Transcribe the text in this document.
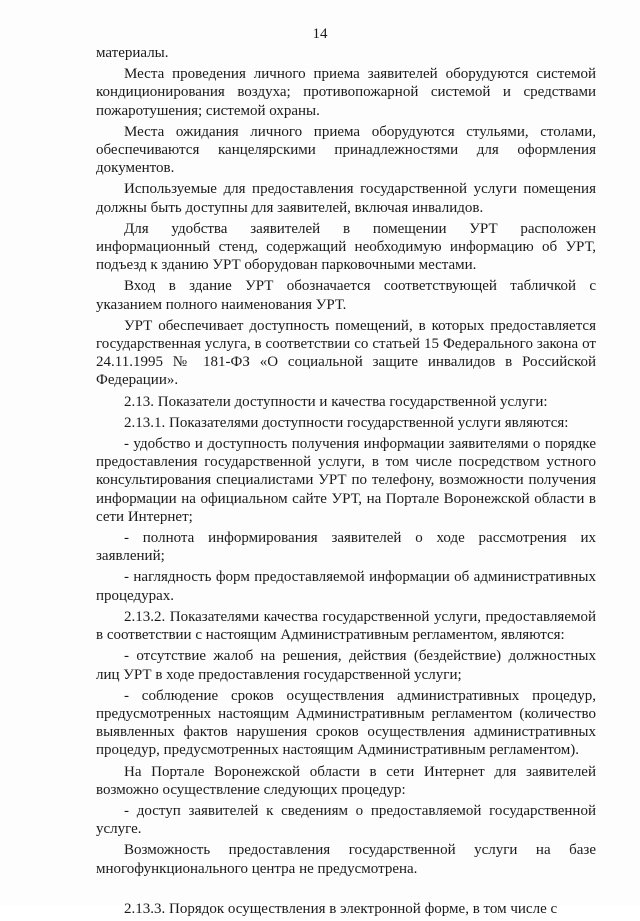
14

материалы.

Места проведения личного приема заявителей оборудуются системой кондиционирования воздуха; противопожарной системой и средствами пожаротушения; системой охраны.

Места ожидания личного приема оборудуются стульями, столами, обеспечиваются канцелярскими принадлежностями для оформления документов.

Используемые для предоставления государственной услуги помещения должны быть доступны для заявителей, включая инвалидов.

Для удобства заявителей в помещении УРТ расположен информационный стенд, содержащий необходимую информацию об УРТ, подъезд к зданию УРТ оборудован парковочными местами.

Вход в здание УРТ обозначается соответствующей табличкой с указанием полного наименования УРТ.

УРТ обеспечивает доступность помещений, в которых предоставляется государственная услуга, в соответствии со статьей 15 Федерального закона от 24.11.1995 № 181-ФЗ «О социальной защите инвалидов в Российской Федерации».

2.13. Показатели доступности и качества государственной услуги:

2.13.1. Показателями доступности государственной услуги являются:

- удобство и доступность получения информации заявителями о порядке предоставления государственной услуги, в том числе посредством устного консультирования специалистами УРТ по телефону, возможности получения информации на официальном сайте УРТ, на Портале Воронежской области в сети Интернет;

- полнота информирования заявителей о ходе рассмотрения их заявлений;

- наглядность форм предоставляемой информации об административных процедурах.

2.13.2. Показателями качества государственной услуги, предоставляемой в соответствии с настоящим Административным регламентом, являются:

- отсутствие жалоб на решения, действия (бездействие) должностных лиц УРТ в ходе предоставления государственной услуги;

- соблюдение сроков осуществления административных процедур, предусмотренных настоящим Административным регламентом (количество выявленных фактов нарушения сроков осуществления административных процедур, предусмотренных настоящим Административным регламентом).

На Портале Воронежской области в сети Интернет для заявителей возможно осуществление следующих процедур:

- доступ заявителей к сведениям о предоставляемой государственной услуге.

Возможность предоставления государственной услуги на базе многофункционального центра не предусмотрена.

2.13.3. Порядок осуществления в электронной форме, в том числе с
